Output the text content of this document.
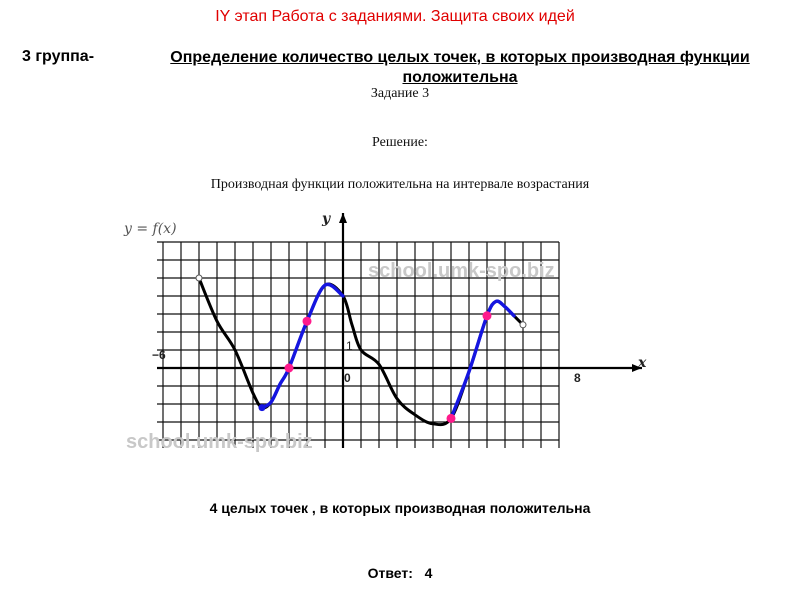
IY этап Работа с заданиями. Защита своих идей
3 группа-	Определение количество целых точек, в которых производная функции положительна
Задание 3
Решение:
Производная функции положительна на интервале возрастания
school.umk-spo.biz
school.umk-spo.biz
y = f(x)
y
x
−6
1
0	8
4 целых точек , в которых производная положительна
Ответ: 4
